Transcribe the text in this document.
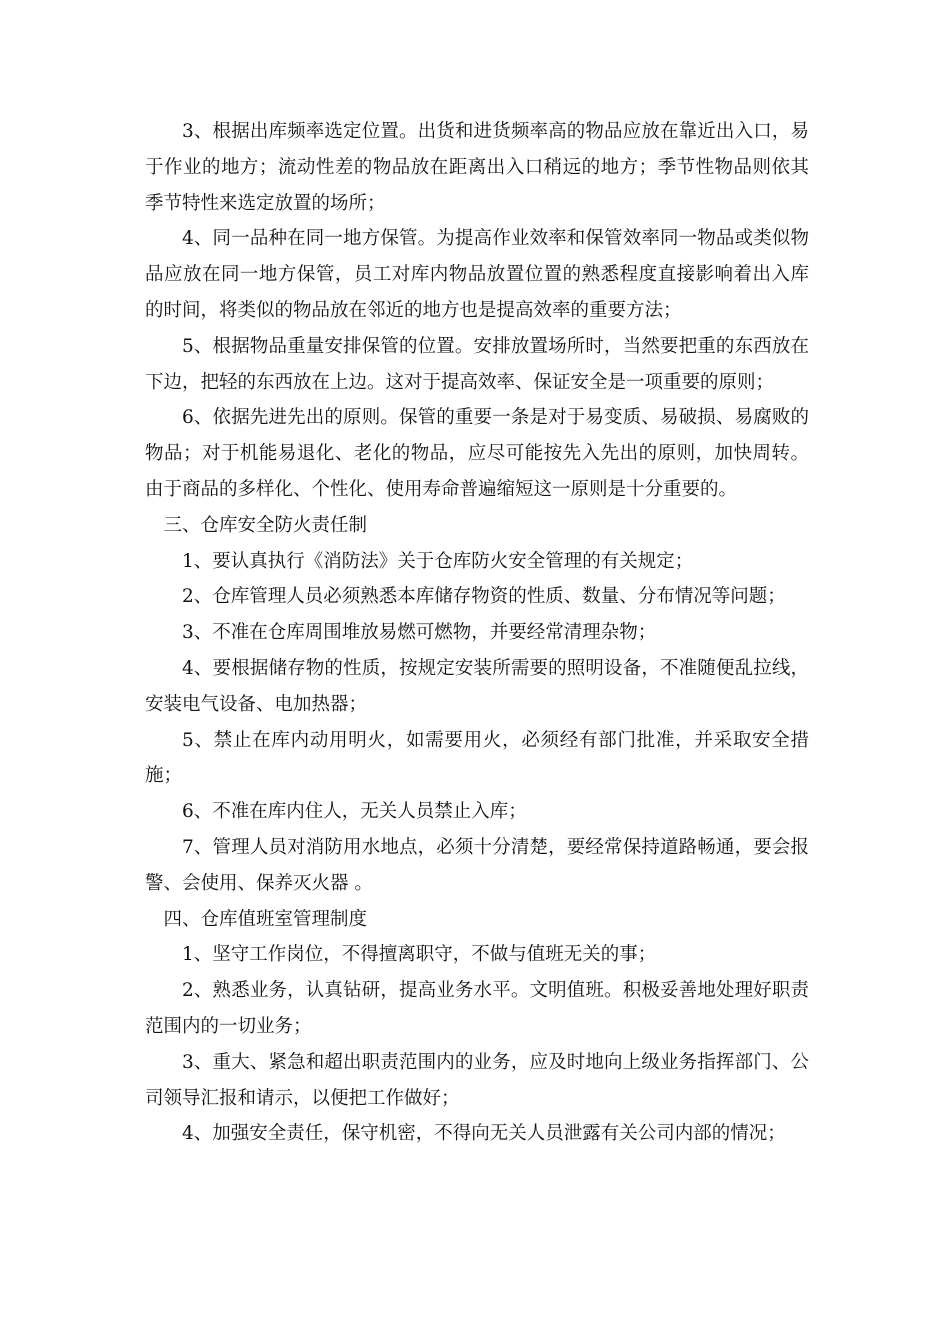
3、根据出库频率选定位置。出货和进货频率高的物品应放在靠近出入口，易于作业的地方；流动性差的物品放在距离出入口稍远的地方；季节性物品则依其季节特性来选定放置的场所；

4、同一品种在同一地方保管。为提高作业效率和保管效率同一物品或类似物品应放在同一地方保管，员工对库内物品放置位置的熟悉程度直接影响着出入库的时间，将类似的物品放在邻近的地方也是提高效率的重要方法；

5、根据物品重量安排保管的位置。安排放置场所时，当然要把重的东西放在下边，把轻的东西放在上边。这对于提高效率、保证安全是一项重要的原则；

6、依据先进先出的原则。保管的重要一条是对于易变质、易破损、易腐败的物品；对于机能易退化、老化的物品，应尽可能按先入先出的原则，加快周转。由于商品的多样化、个性化、使用寿命普遍缩短这一原则是十分重要的。

三、仓库安全防火责任制

1、要认真执行《消防法》关于仓库防火安全管理的有关规定；

2、仓库管理人员必须熟悉本库储存物资的性质、数量、分布情况等问题；

3、不准在仓库周围堆放易燃可燃物，并要经常清理杂物；

4、要根据储存物的性质，按规定安装所需要的照明设备，不准随便乱拉线，安装电气设备、电加热器；

5、禁止在库内动用明火，如需要用火，必须经有部门批准，并采取安全措施；

6、不准在库内住人，无关人员禁止入库；

7、管理人员对消防用水地点，必须十分清楚，要经常保持道路畅通，要会报警、会使用、保养灭火器 。

四、仓库值班室管理制度

1、坚守工作岗位，不得擅离职守，不做与值班无关的事；

2、熟悉业务，认真钻研，提高业务水平。文明值班。积极妥善地处理好职责范围内的一切业务；

3、重大、紧急和超出职责范围内的业务，应及时地向上级业务指挥部门、公司领导汇报和请示，以便把工作做好；

4、加强安全责任，保守机密，不得向无关人员泄露有关公司内部的情况；
